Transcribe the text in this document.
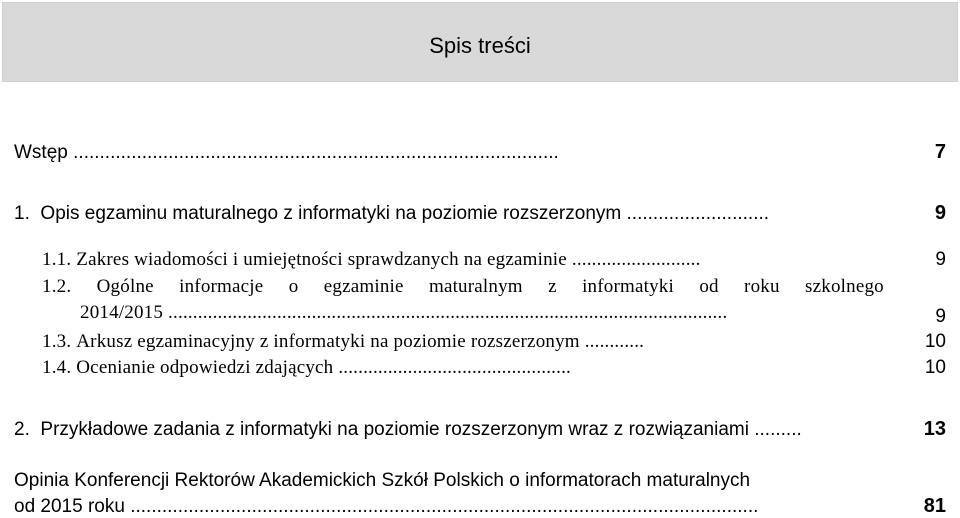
Spis treści
Wstęp ............................................................................................	7
1. Opis egzaminu maturalnego z informatyki na poziomie rozszerzonym ...........................	9
1.1. Zakres wiadomości i umiejętności sprawdzanych na egzaminie ..........................	9
1.2. Ogólne informacje o egzaminie maturalnym z informatyki od roku szkolnego
2014/2015 .................................................................................................................	9
1.3. Arkusz egzaminacyjny z informatyki na poziomie rozszerzonym ............	10
1.4. Ocenianie odpowiedzi zdających ...............................................	10
2. Przykładowe zadania z informatyki na poziomie rozszerzonym wraz z rozwiązaniami .........	13
Opinia Konferencji Rektorów Akademickich Szkół Polskich o informatorach maturalnych
od 2015 roku .......................................................................................................................	81
